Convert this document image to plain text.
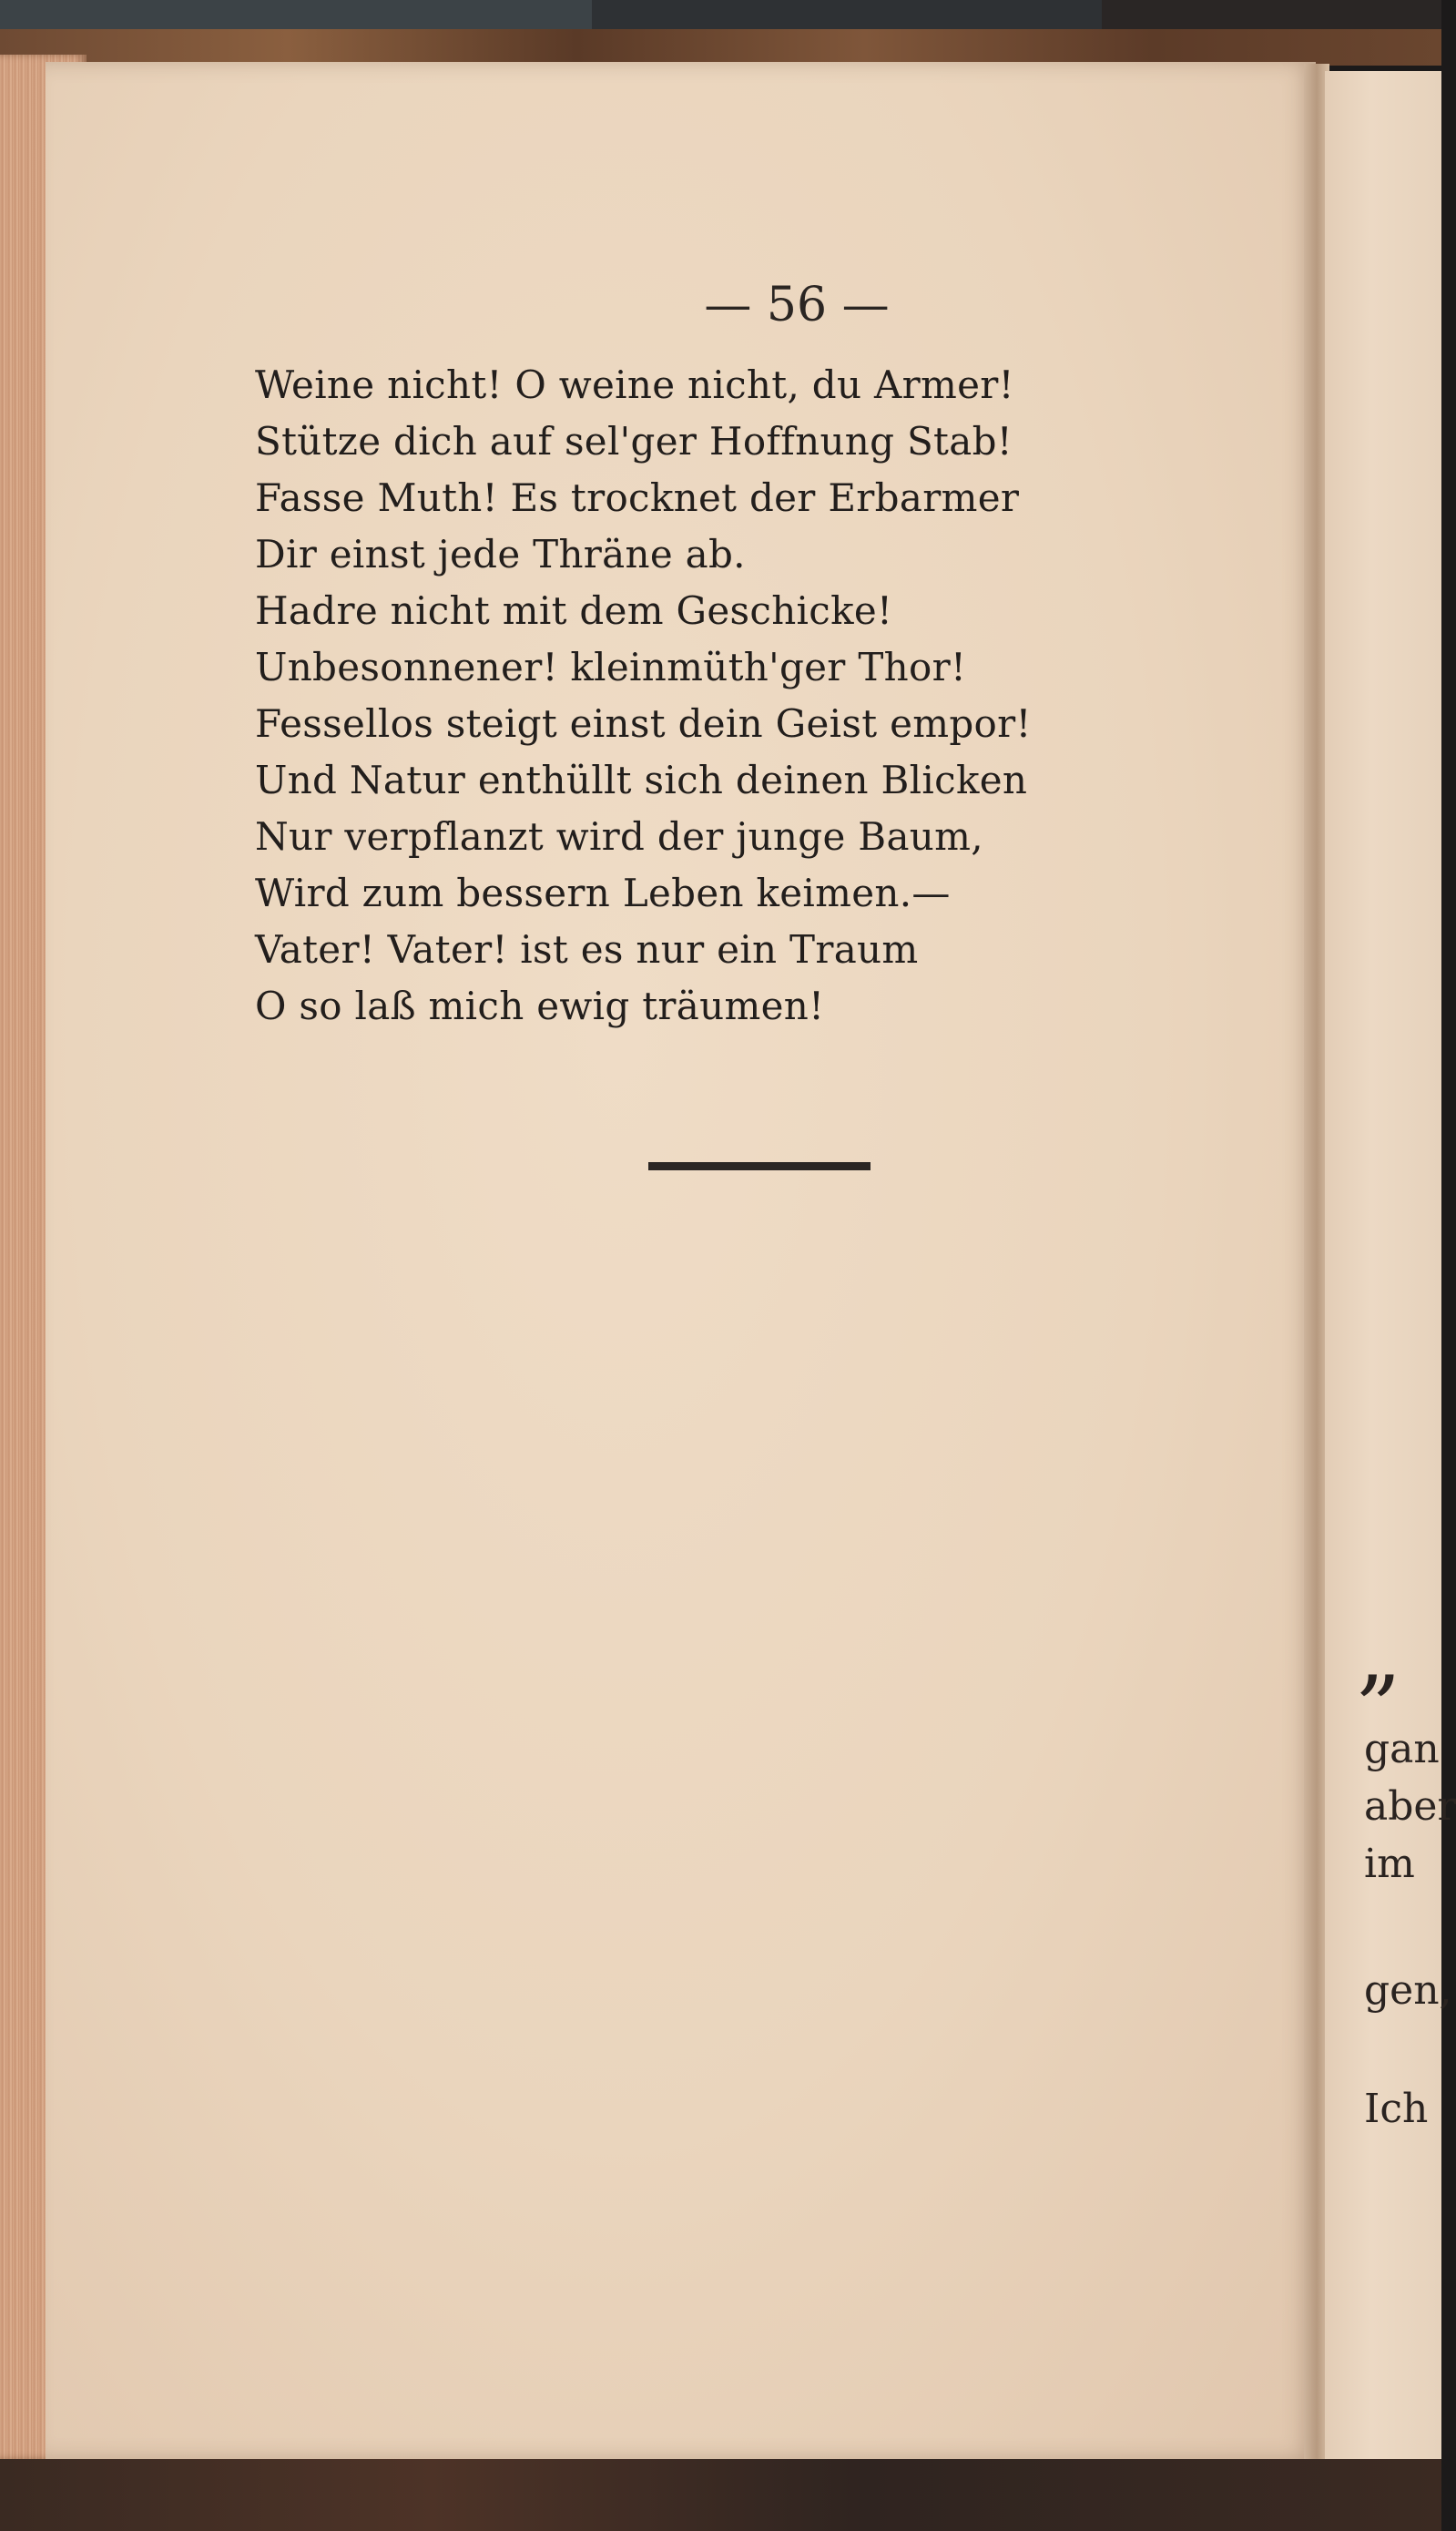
— 56 —
Weine nicht! O weine nicht, du Armer!
Stütze dich auf sel'ger Hoffnung Stab!
Fasse Muth! Es trocknet der Erbarmer
Dir einst jede Thräne ab.
Hadre nicht mit dem Geschicke!
Unbesonnener! kleinmüth'ger Thor!
Fessellos steigt einst dein Geist empor!
Und Natur enthüllt sich deinen Blicken
Nur verpflanzt wird der junge Baum,
Wird zum bessern Leben keimen.—
Vater! Vater! ist es nur ein Traum
O so laß mich ewig träumen!
„
gan
aber
im
gen,
Ich
